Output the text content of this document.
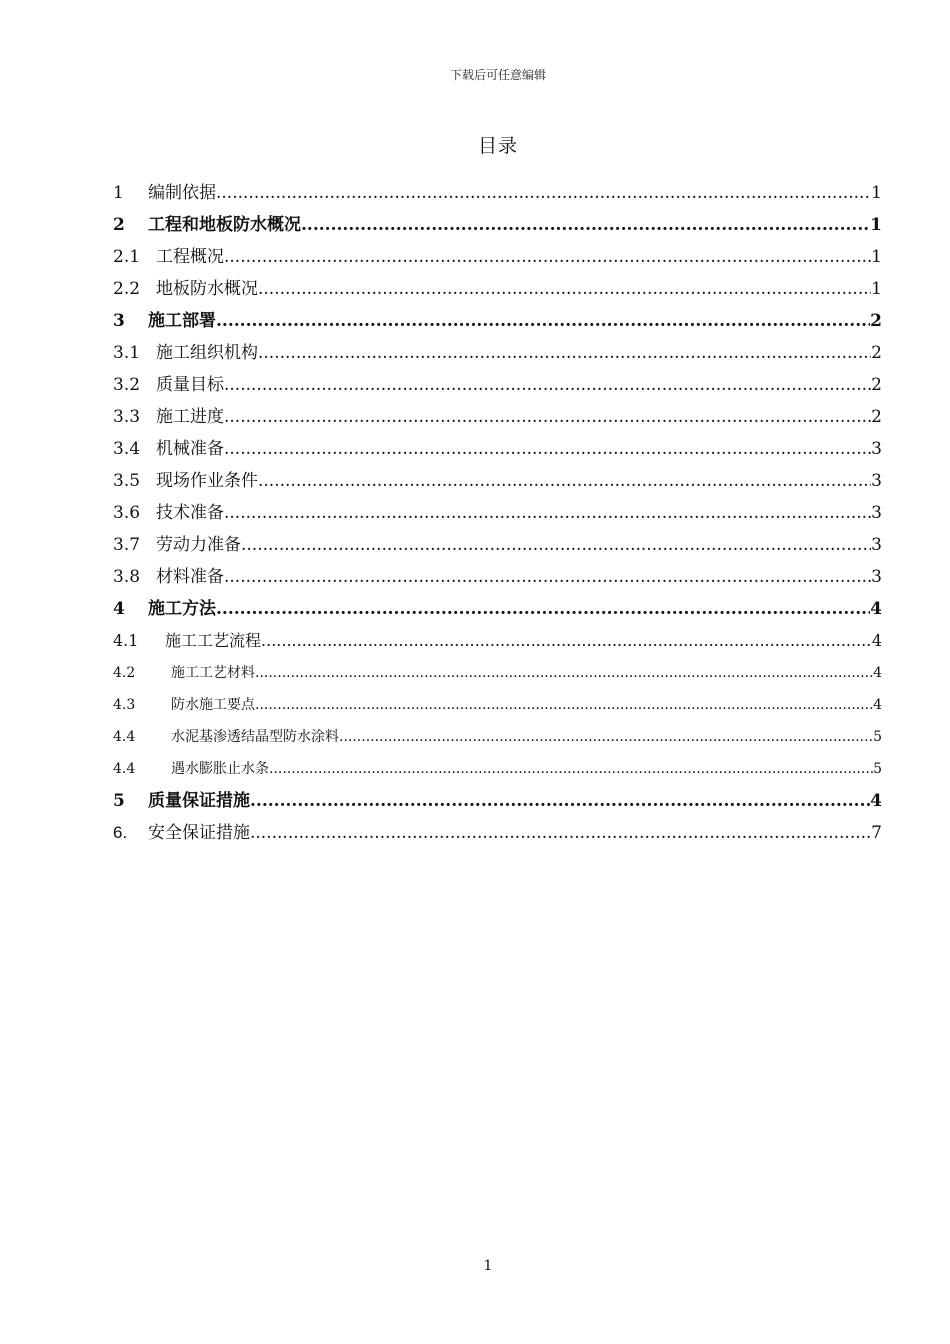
下载后可任意编辑
目录
1	编制依据 .....	1
2	工程和地板防水概况 .....	1
2.1 工程概况 .....	1
2.2 地板防水概况 .....	1
3	施工部署 .....	2
3.1 施工组织机构 .....	2
3.2 质量目标 .....	2
3.3 施工进度 .....	2
3.4 机械准备 .....	3
3.5 现场作业条件 .....	3
3.6 技术准备 .....	3
3.7 劳动力准备 .....	3
3.8 材料准备 .....	3
4	施工方法 .....	4
4.1	施工工艺流程 .....	4
4.2	施工工艺材料 .....	4
4.3	防水施工要点 .....	4
4.4	水泥基渗透结晶型防水涂料 .....	5
4.4	遇水膨胀止水条 .....	5
5	质量保证措施 .....	4
6.	安全保证措施 .....	7
1
